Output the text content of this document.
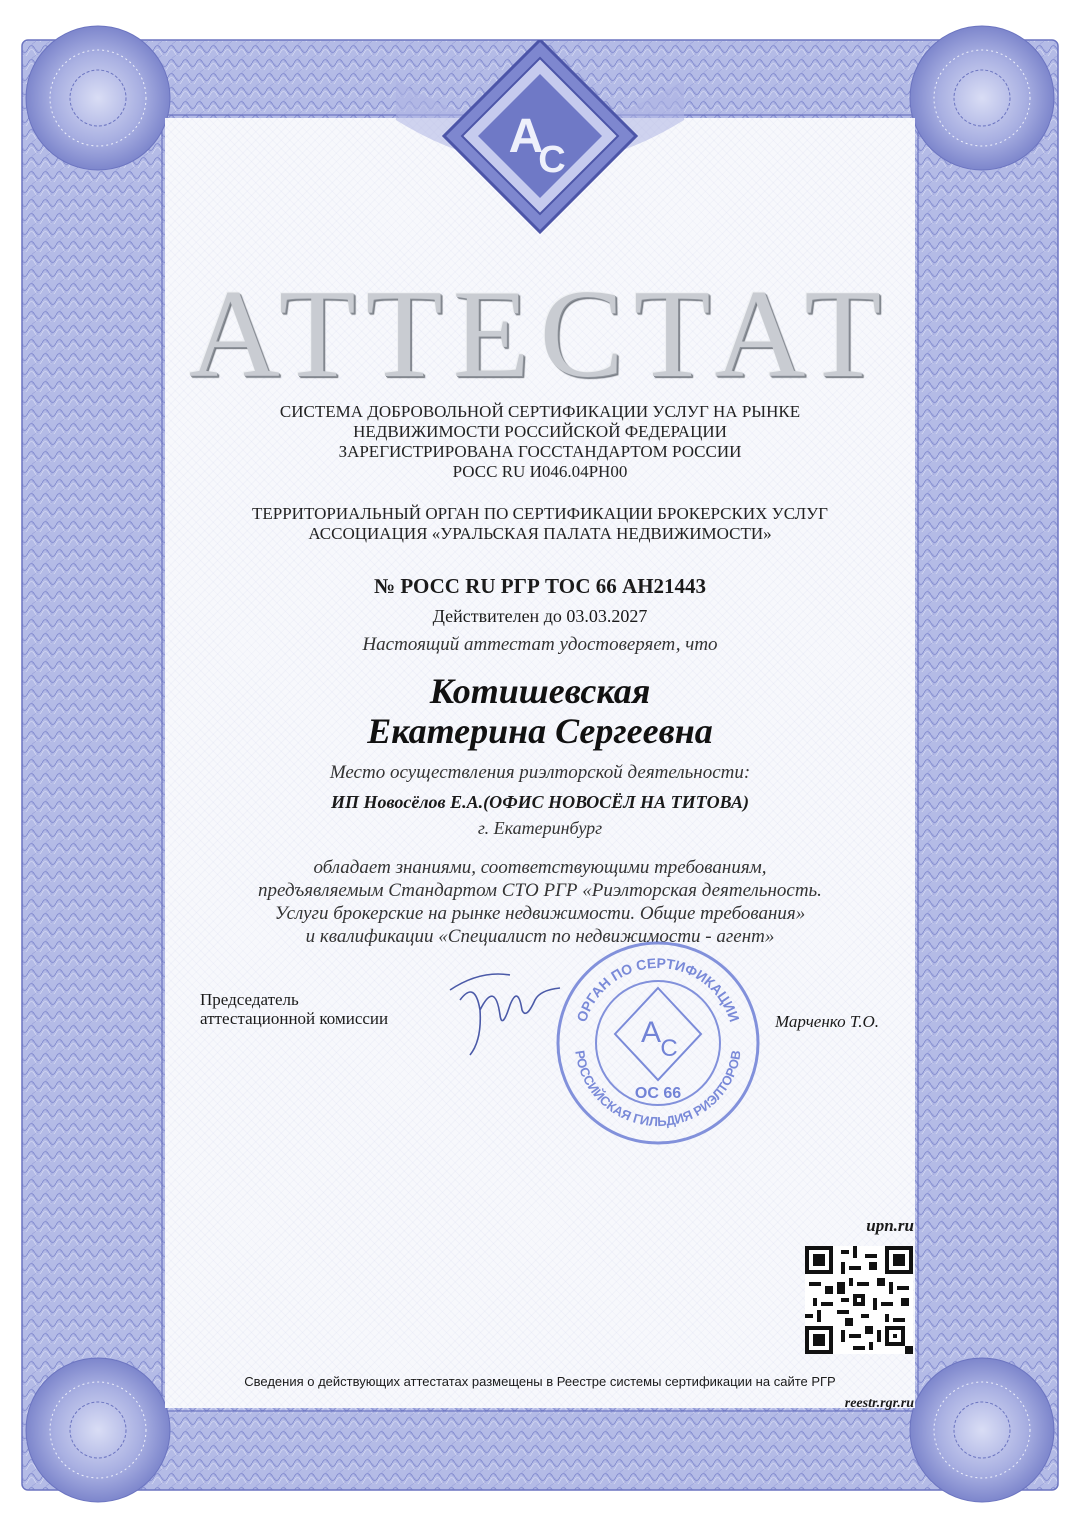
A
C
АТТЕСТАТ
СИСТЕМА ДОБРОВОЛЬНОЙ СЕРТИФИКАЦИИ УСЛУГ НА РЫНКЕ
НЕДВИЖИМОСТИ РОССИЙСКОЙ ФЕДЕРАЦИИ
ЗАРЕГИСТРИРОВАНА ГОССТАНДАРТОМ РОССИИ
РОСС RU И046.04РН00
ТЕРРИТОРИАЛЬНЫЙ ОРГАН ПО СЕРТИФИКАЦИИ БРОКЕРСКИХ УСЛУГ
АССОЦИАЦИЯ «УРАЛЬСКАЯ ПАЛАТА НЕДВИЖИМОСТИ»
№ РОСС RU РГР ТОС 66 АН21443
Действителен до 03.03.2027
Настоящий аттестат удостоверяет, что
Котишевская
Екатерина Сергеевна
Место осуществления риэлторской деятельности:
ИП Новосёлов Е.А.(ОФИС НОВОСЁЛ НА ТИТОВА)
г. Екатеринбург
обладает знаниями, соответствующими требованиям,
предъявляемым Стандартом СТО РГР «Риэлторская деятельность.
Услуги брокерские на рынке недвижимости. Общие требования»
и квалификации «Специалист по недвижимости - агент»
Председатель
аттестационной комиссии	ОРГАН ПО СЕРТИФИКАЦИИ
РОССИЙСКАЯ ГИЛЬДИЯ РИЭЛТОРОВ
A C
ОС 66
Марченко Т.О.
upn.ru
Сведения о действующих аттестатах размещены в Реестре системы сертификации на сайте РГР
reestr.rgr.ru
